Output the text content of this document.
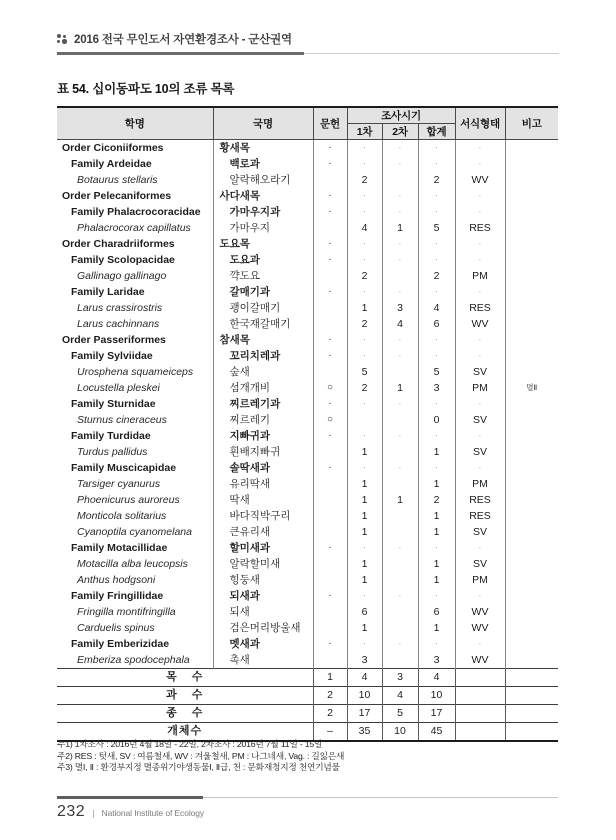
2016 전국 무인도서 자연환경조사 - 군산권역
표 54. 십이동파도 10의 조류 목록
학명	국명	문헌	조사시기			서식형태	비고
			1차	2차	합계		
Order Ciconiiformes	황새목	·	·	·	·	·	
Family Ardeidae	백로과	·	·	·	·	·	
Botaurus stellaris	알락해오라기		2		2	WV	
Order Pelecaniformes	사다새목	·	·	·	·	·	
Family Phalacrocoracidae	가마우지과	·	·	·	·	·	
Phalacrocorax capillatus	가마우지		4	1	5	RES	
Order Charadriiformes	도요목	·	·	·	·	·	
Family Scolopacidae	도요과	·	·	·	·	·	
Gallinago gallinago	꺅도요		2		2	PM	
Family Laridae	갈매기과	·	·	·	·	·	
Larus crassirostris	괭이갈매기		1	3	4	RES	
Larus cachinnans	한국재갈매기		2	4	6	WV	
Order Passeriformes	참새목	·	·	·	·	·	
Family Sylviidae	꼬리치레과	·	·	·	·	·	
Urosphena squameiceps	숲새		5		5	SV	
Locustella pleskei	섬개개비	○	2	1	3	PM	멸Ⅱ
Family Sturnidae	찌르레기과	·	·	·	·	·	
Sturnus cineraceus	찌르레기	○			0	SV	
Family Turdidae	지빠귀과	·	·	·	·	·	
Turdus pallidus	흰배지빠귀		1		1	SV	
Family Muscicapidae	솔딱새과	·	·	·	·	·	
Tarsiger cyanurus	유리딱새		1		1	PM	
Phoenicurus auroreus	딱새		1	1	2	RES	
Monticola solitarius	바다직박구리		1		1	RES	
Cyanoptila cyanomelana	큰유리새		1		1	SV	
Family Motacillidae	할미새과	·	·	·	·	·	
Motacilla alba leucopsis	알락할미새		1		1	SV	
Anthus hodgsoni	힝둥새		1		1	PM	
Family Fringillidae	되새과	·	·	·	·	·	
Fringilla montifringilla	되새		6		6	WV	
Carduelis spinus	검은머리방울새		1		1	WV	
Family Emberizidae	멧새과	·	·	·	·	·	
Emberiza spodocephala	촉새		3		3	WV	
목 수		1	4	3	4		
과 수		2	10	4	10		
종 수		2	17	5	17		
개체수		–	35	10	45		
주1) 1차조사 : 2016년 4월 18일 - 22일, 2차조사 : 2016년 7월 11일 - 15일
주2) RES : 텃새, SV : 여름철새, WV : 겨울철새, PM : 나그네새, Vag. : 길잃은새
주3) 멸Ⅰ, Ⅱ : 환경부지정 멸종위기야생동물Ⅰ, Ⅱ급, 천 : 문화재청지정 천연기념물
232 | National Institute of Ecology
